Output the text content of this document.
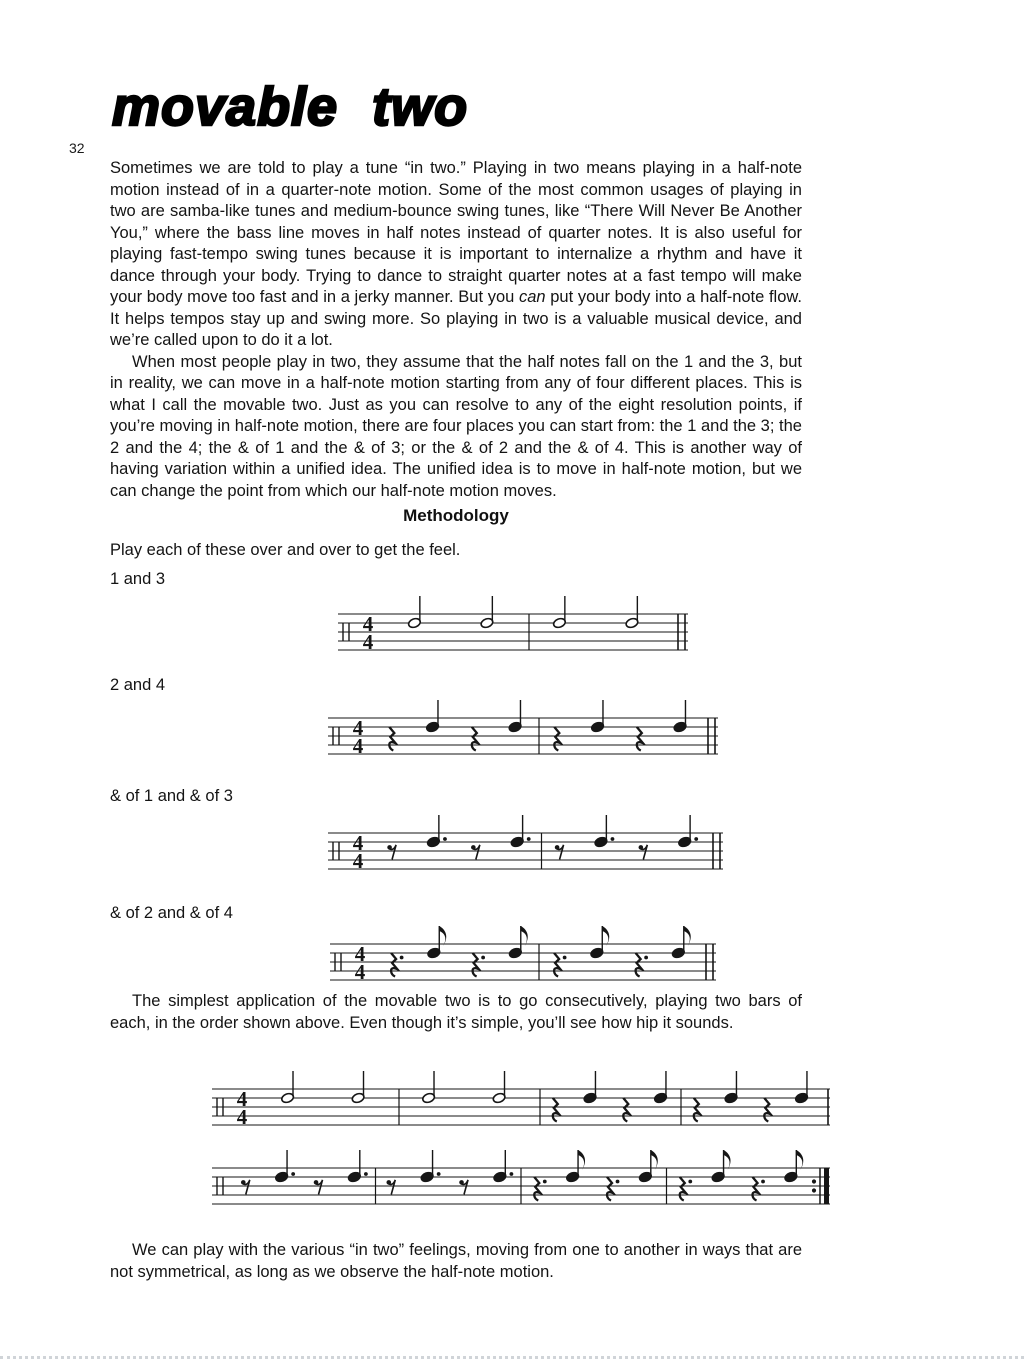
32
movable two

Sometimes we are told to play a tune “in two.” Playing in two means playing in a half-note motion instead of in a quarter-note motion. Some of the most common usages of playing in two are samba-like tunes and medium-bounce swing tunes, like “There Will Never Be Another You,” where the bass line moves in half notes instead of quarter notes. It is also useful for playing fast-tempo swing tunes because it is important to internalize a rhythm and have it dance through your body. Trying to dance to straight quarter notes at a fast tempo will make your body move too fast and in a jerky manner. But you can put your body into a half-note flow. It helps tempos stay up and swing more. So playing in two is a valuable musical device, and we’re called upon to do it a lot.

When most people play in two, they assume that the half notes fall on the 1 and the 3, but in reality, we can move in a half-note motion starting from any of four different places. This is what I call the movable two. Just as you can resolve to any of the eight resolution points, if you’re moving in half-note motion, there are four places you can start from: the 1 and the 3; the 2 and the 4; the & of 1 and the & of 3; or the & of 2 and the & of 4. This is another way of having variation within a unified idea. The unified idea is to move in half-note motion, but we can change the point from which our half-note motion moves.

Methodology

Play each of these over and over to get the feel.

1 and 3
4
4
2 and 4
4
4
& of 1 and & of 3
4
4
& of 2 and & of 4
4
4

The simplest application of the movable two is to go consecutively, playing two bars of each, in the order shown above. Even though it’s simple, you’ll see how hip it sounds.

4
4

We can play with the various “in two” feelings, moving from one to another in ways that are not symmetrical, as long as we observe the half-note motion.
